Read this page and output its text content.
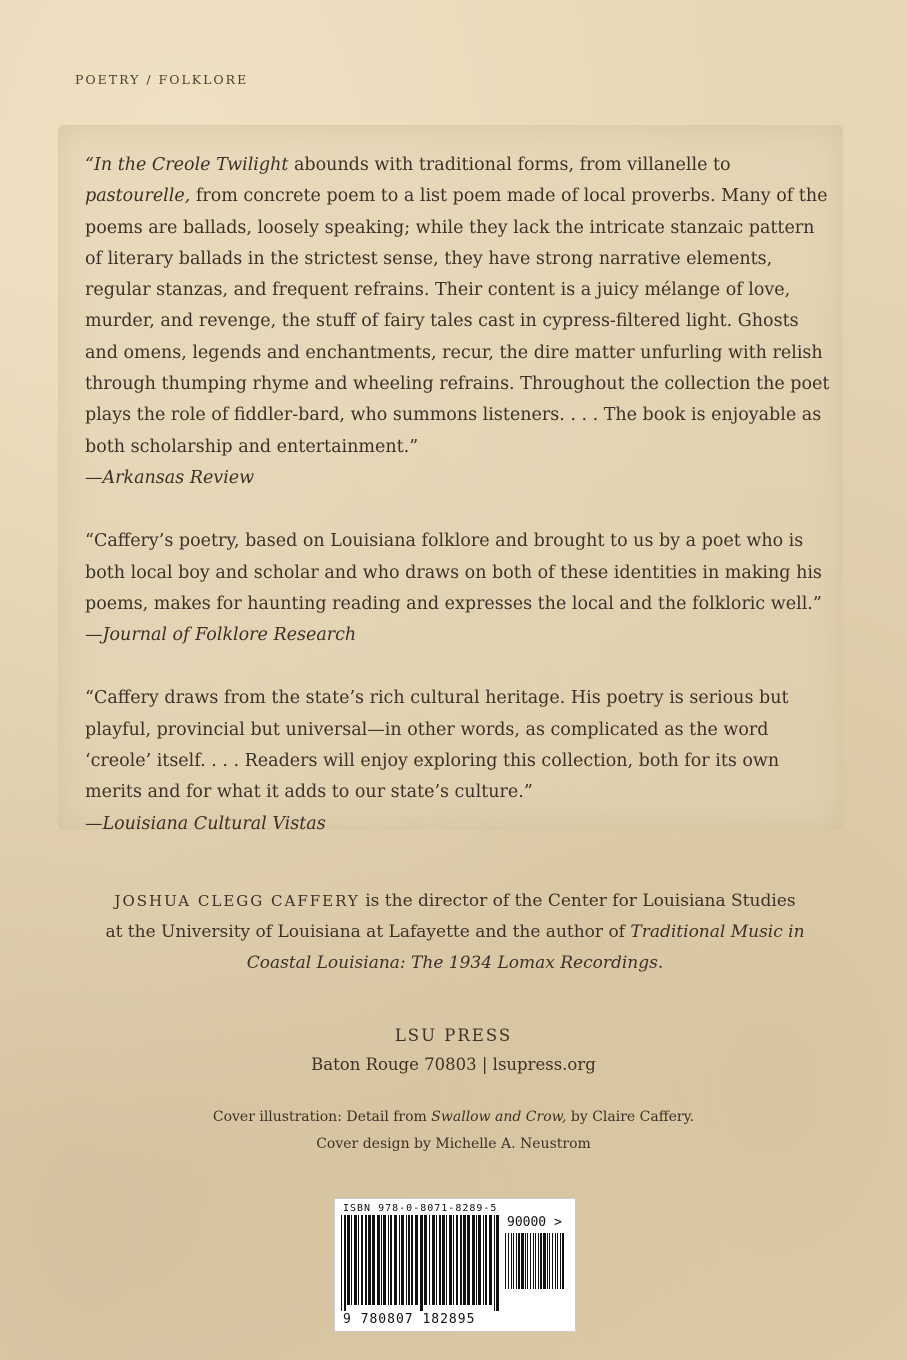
POETRY / FOLKLORE

“In the Creole Twilight abounds with traditional forms, from villanelle to pastourelle, from concrete poem to a list poem made of local proverbs. Many of the poems are ballads, loosely speaking; while they lack the intricate stanzaic pattern of literary ballads in the strictest sense, they have strong narrative elements, regular stanzas, and frequent refrains. Their content is a juicy mélange of love, murder, and revenge, the stuff of fairy tales cast in cypress-filtered light. Ghosts and omens, legends and enchantments, recur, the dire matter unfurling with relish through thumping rhyme and wheeling refrains. Throughout the collection the poet plays the role of fiddler-bard, who summons listeners. . . . The book is enjoyable as both scholarship and entertainment.”

—Arkansas Review

“Caffery’s poetry, based on Louisiana folklore and brought to us by a poet who is both local boy and scholar and who draws on both of these identities in making his poems, makes for haunting reading and expresses the local and the folkloric well.”

—Journal of Folklore Research

“Caffery draws from the state’s rich cultural heritage. His poetry is serious but playful, provincial but universal—in other words, as complicated as the word ‘creole’ itself. . . . Readers will enjoy exploring this collection, both for its own merits and for what it adds to our state’s culture.”

—Louisiana Cultural Vistas

JOSHUA CLEGG CAFFERY is the director of the Center for Louisiana Studies at the University of Louisiana at Lafayette and the author of Traditional Music in Coastal Louisiana: The 1934 Lomax Recordings.
LSU PRESS
Baton Rouge 70803 | lsupress.org
Cover illustration: Detail from Swallow and Crow, by Claire Caffery.
Cover design by Michelle A. Neustrom
ISBN 978-0-8071-8289-5
90000 >
9 780807 182895
